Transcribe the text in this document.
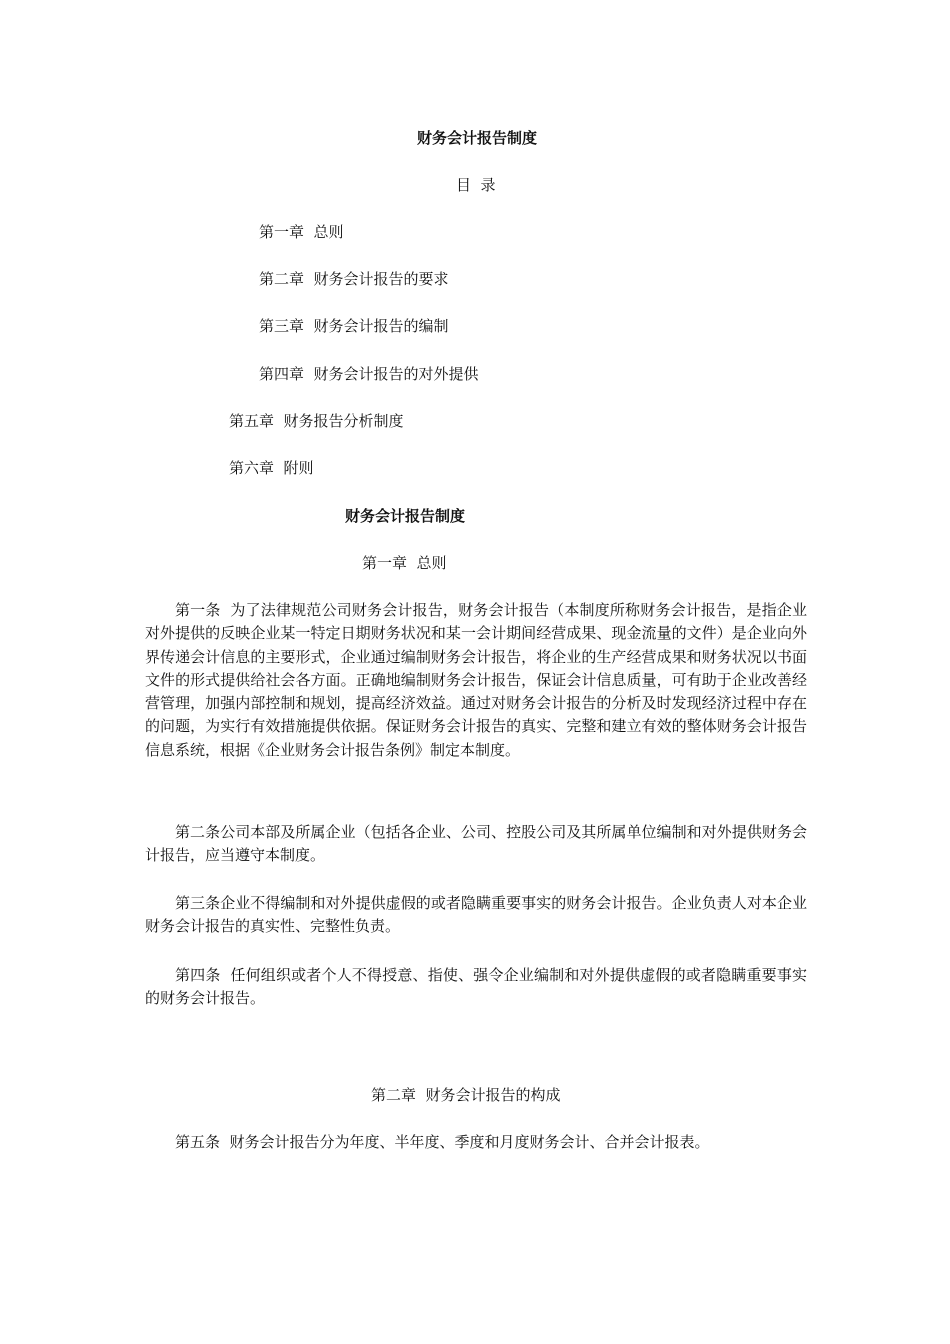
财务会计报告制度
目  录
第一章  总则
第二章  财务会计报告的要求
第三章  财务会计报告的编制
第四章  财务会计报告的对外提供
第五章  财务报告分析制度
第六章  附则
财务会计报告制度
第一章  总则
第一条  为了法律规范公司财务会计报告，财务会计报告（本制度所称财务会计报告，是指企业对外提供的反映企业某一特定日期财务状况和某一会计期间经营成果、现金流量的文件）是企业向外界传递会计信息的主要形式，企业通过编制财务会计报告，将企业的生产经营成果和财务状况以书面文件的形式提供给社会各方面。正确地编制财务会计报告，保证会计信息质量，可有助于企业改善经营管理，加强内部控制和规划，提高经济效益。通过对财务会计报告的分析及时发现经济过程中存在的问题，为实行有效措施提供依据。保证财务会计报告的真实、完整和建立有效的整体财务会计报告信息系统，根据《企业财务会计报告条例》制定本制度。
第二条公司本部及所属企业（包括各企业、公司、控股公司及其所属单位编制和对外提供财务会计报告，应当遵守本制度。
第三条企业不得编制和对外提供虚假的或者隐瞒重要事实的财务会计报告。企业负责人对本企业财务会计报告的真实性、完整性负责。
第四条  任何组织或者个人不得授意、指使、强令企业编制和对外提供虚假的或者隐瞒重要事实的财务会计报告。
第二章  财务会计报告的构成
第五条  财务会计报告分为年度、半年度、季度和月度财务会计、合并会计报表。
